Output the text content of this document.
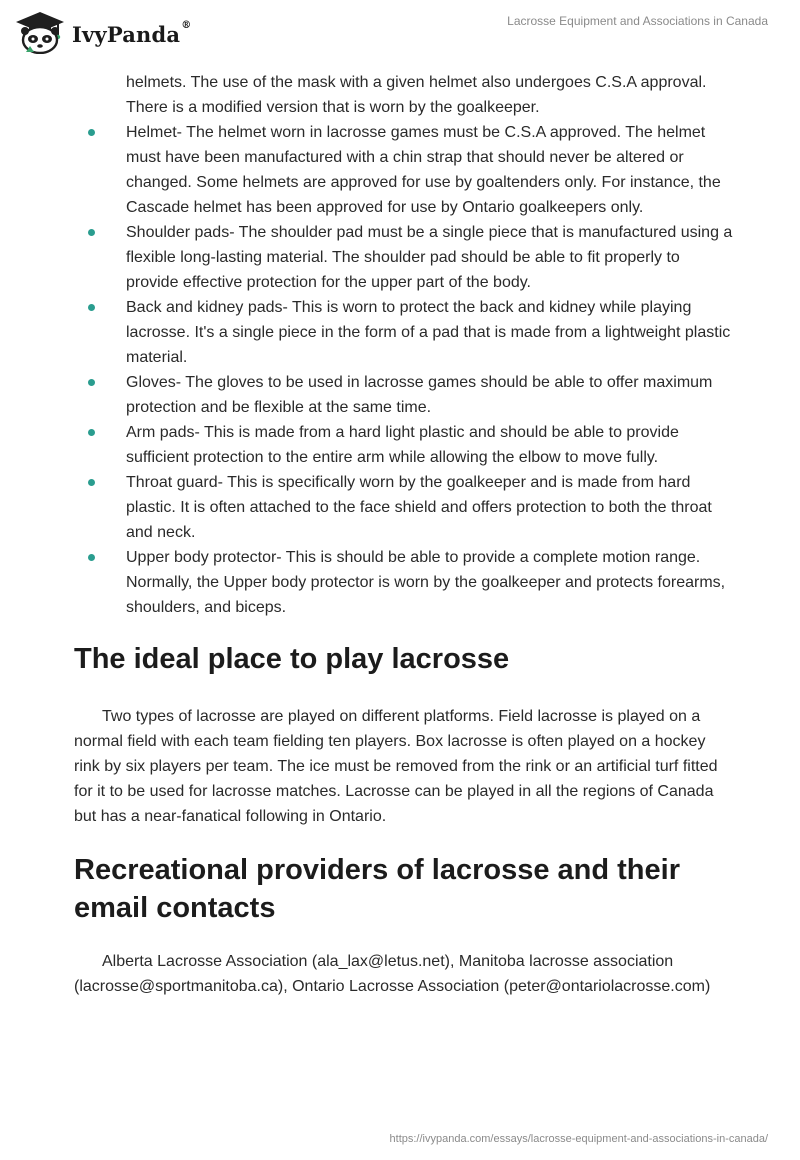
IvyPanda®	Lacrosse Equipment and Associations in Canada
helmets. The use of the mask with a given helmet also undergoes C.S.A approval. There is a modified version that is worn by the goalkeeper.
Helmet- The helmet worn in lacrosse games must be C.S.A approved. The helmet must have been manufactured with a chin strap that should never be altered or changed. Some helmets are approved for use by goaltenders only. For instance, the Cascade helmet has been approved for use by Ontario goalkeepers only.
Shoulder pads- The shoulder pad must be a single piece that is manufactured using a flexible long-lasting material. The shoulder pad should be able to fit properly to provide effective protection for the upper part of the body.
Back and kidney pads- This is worn to protect the back and kidney while playing lacrosse. It's a single piece in the form of a pad that is made from a lightweight plastic material.
Gloves- The gloves to be used in lacrosse games should be able to offer maximum protection and be flexible at the same time.
Arm pads- This is made from a hard light plastic and should be able to provide sufficient protection to the entire arm while allowing the elbow to move fully.
Throat guard- This is specifically worn by the goalkeeper and is made from hard plastic. It is often attached to the face shield and offers protection to both the throat and neck.
Upper body protector- This is should be able to provide a complete motion range. Normally, the Upper body protector is worn by the goalkeeper and protects forearms, shoulders, and biceps.
The ideal place to play lacrosse

Two types of lacrosse are played on different platforms. Field lacrosse is played on a normal field with each team fielding ten players. Box lacrosse is often played on a hockey rink by six players per team. The ice must be removed from the rink or an artificial turf fitted for it to be used for lacrosse matches. Lacrosse can be played in all the regions of Canada but has a near-fanatical following in Ontario.

Recreational providers of lacrosse and their email contacts

Alberta Lacrosse Association (ala_lax@letus.net), Manitoba lacrosse association (lacrosse@sportmanitoba.ca), Ontario Lacrosse Association (peter@ontariolacrosse.com)

https://ivypanda.com/essays/lacrosse-equipment-and-associations-in-canada/
